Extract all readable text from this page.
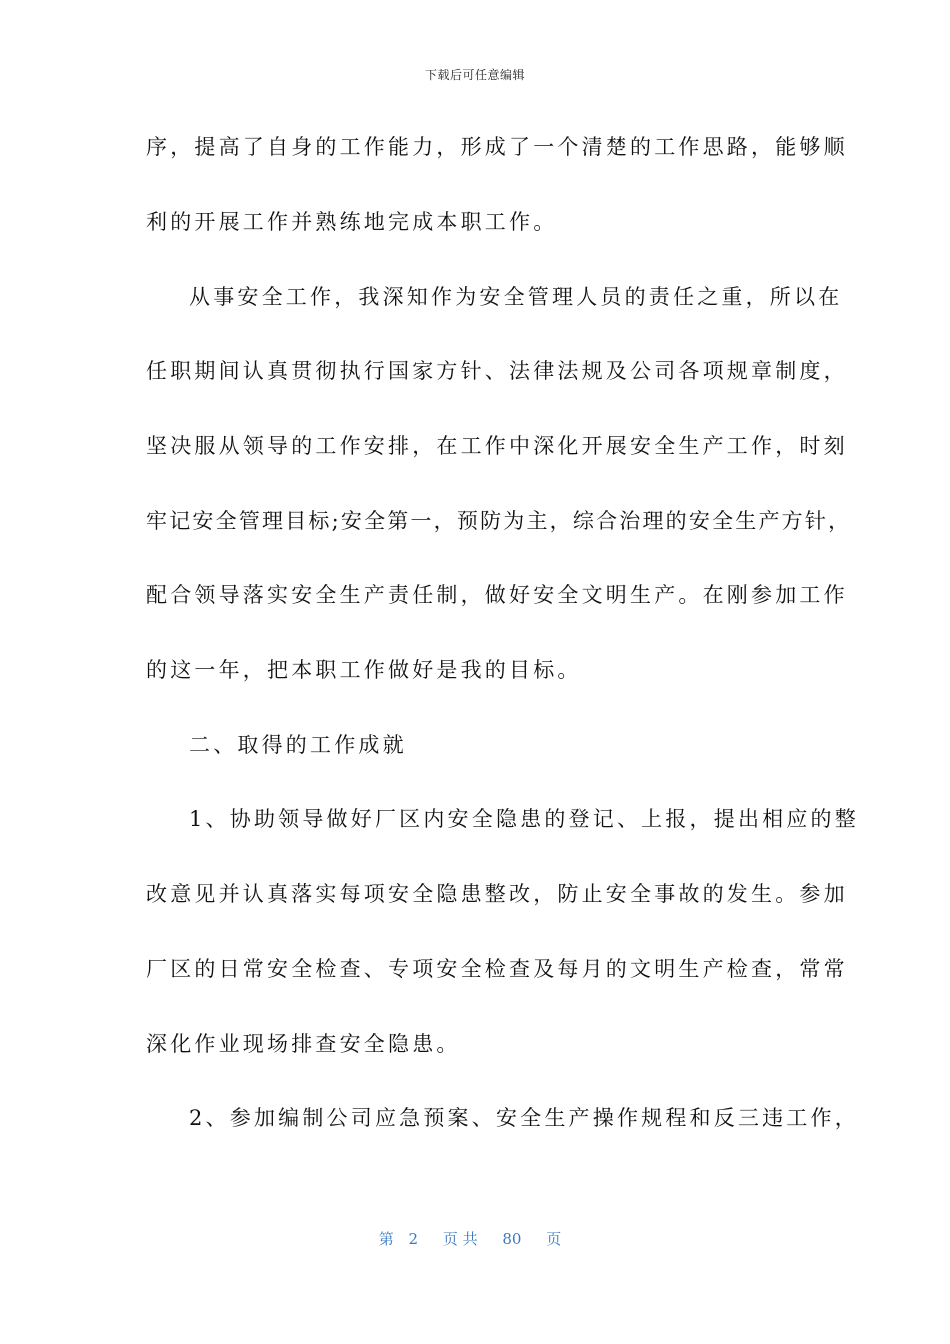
下载后可任意编辑
序，提高了自身的工作能力，形成了一个清楚的工作思路，能够顺
利的开展工作并熟练地完成本职工作。
从事安全工作，我深知作为安全管理人员的责任之重，所以在
任职期间认真贯彻执行国家方针、法律法规及公司各项规章制度，
坚决服从领导的工作安排，在工作中深化开展安全生产工作，时刻
牢记安全管理目标;安全第一，预防为主，综合治理的安全生产方针，
配合领导落实安全生产责任制，做好安全文明生产。在刚参加工作
的这一年，把本职工作做好是我的目标。
二、取得的工作成就
1、协助领导做好厂区内安全隐患的登记、上报，提出相应的整
改意见并认真落实每项安全隐患整改，防止安全事故的发生。参加
厂区的日常安全检查、专项安全检查及每月的文明生产检查，常常
深化作业现场排查安全隐患。
2、参加编制公司应急预案、安全生产操作规程和反三违工作，
第 2 页 共 80 页
